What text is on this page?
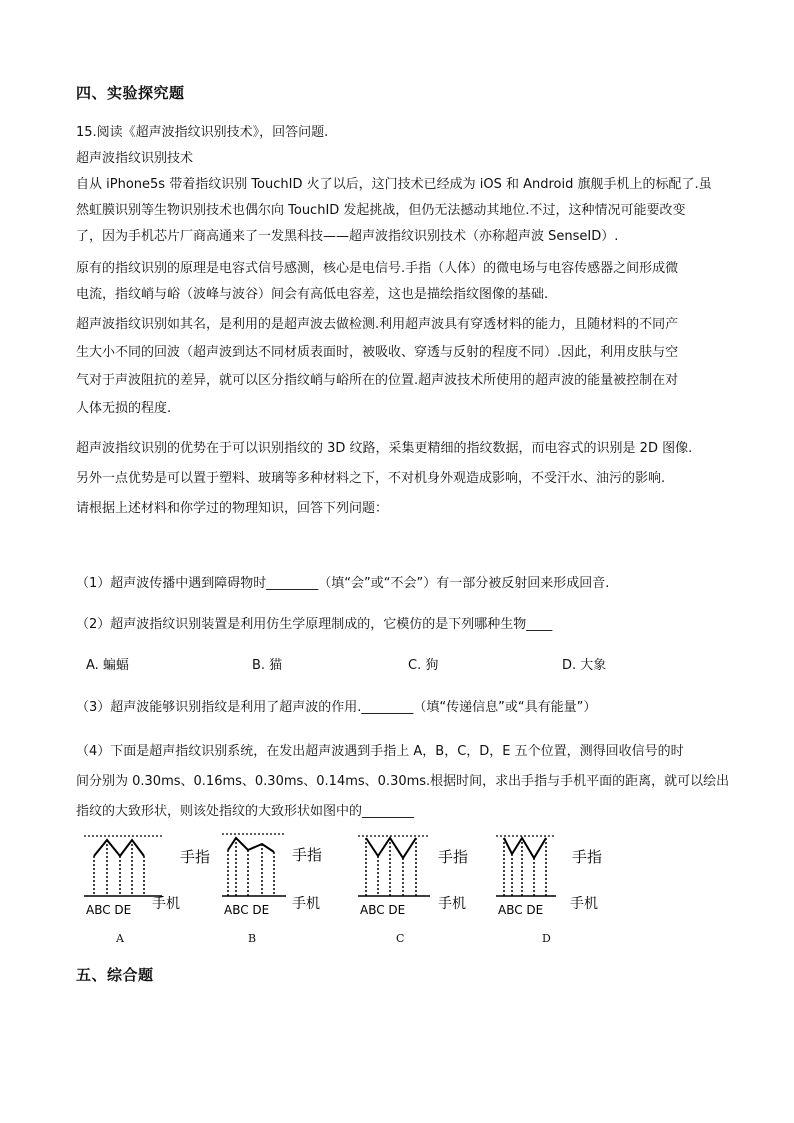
四、实验探究题
15.阅读《超声波指纹识别技术》，回答问题.
超声波指纹识别技术
自从 iPhone5s 带着指纹识别 TouchID 火了以后，这门技术已经成为 iOS 和 Android 旗舰手机上的标配了.虽
然虹膜识别等生物识别技术也偶尔向 TouchID 发起挑战，但仍无法撼动其地位.不过，这种情况可能要改变
了，因为手机芯片厂商高通来了一发黑科技——超声波指纹识别技术（亦称超声波 SenseID）.
原有的指纹识别的原理是电容式信号感测，核心是电信号.手指（人体）的微电场与电容传感器之间形成微
电流，指纹峭与峪（波峰与波谷）间会有高低电容差，这也是描绘指纹图像的基础.
超声波指纹识别如其名，是利用的是超声波去做检测.利用超声波具有穿透材料的能力，且随材料的不同产
生大小不同的回波（超声波到达不同材质表面时，被吸收、穿透与反射的程度不同）.因此，利用皮肤与空
气对于声波阻抗的差异，就可以区分指纹峭与峪所在的位置.超声波技术所使用的超声波的能量被控制在对
人体无损的程度.
超声波指纹识别的优势在于可以识别指纹的 3D 纹路，采集更精细的指纹数据，而电容式的识别是 2D 图像.
另外一点优势是可以置于塑料、玻璃等多种材料之下，不对机身外观造成影响，不受汗水、油污的影响.
请根据上述材料和你学过的物理知识，回答下列问题：
（1）超声波传播中遇到障碍物时________（填“会”或“不会”）有一部分被反射回来形成回音.
（2）超声波指纹识别装置是利用仿生学原理制成的，它模仿的是下列哪种生物____
A. 蝙蝠	B. 猫	C. 狗	D. 大象
（3）超声波能够识别指纹是利用了超声波的作用.________（填“传递信息”或“具有能量”）
（4）下面是超声指纹识别系统，在发出超声波遇到手指上 A，B，C，D，E 五个位置，测得回收信号的时
间分别为 0.30ms、0.16ms、0.30ms、0.14ms、0.30ms.根据时间，求出手指与手机平面的距离，就可以绘出
指纹的大致形状，则该处指纹的大致形状如图中的________
手指
手机
ABC DE
手指
手机
ABC DE
手指
手机
ABC DE
手指
手机
ABC DE
A	B	C	D
五、综合题
